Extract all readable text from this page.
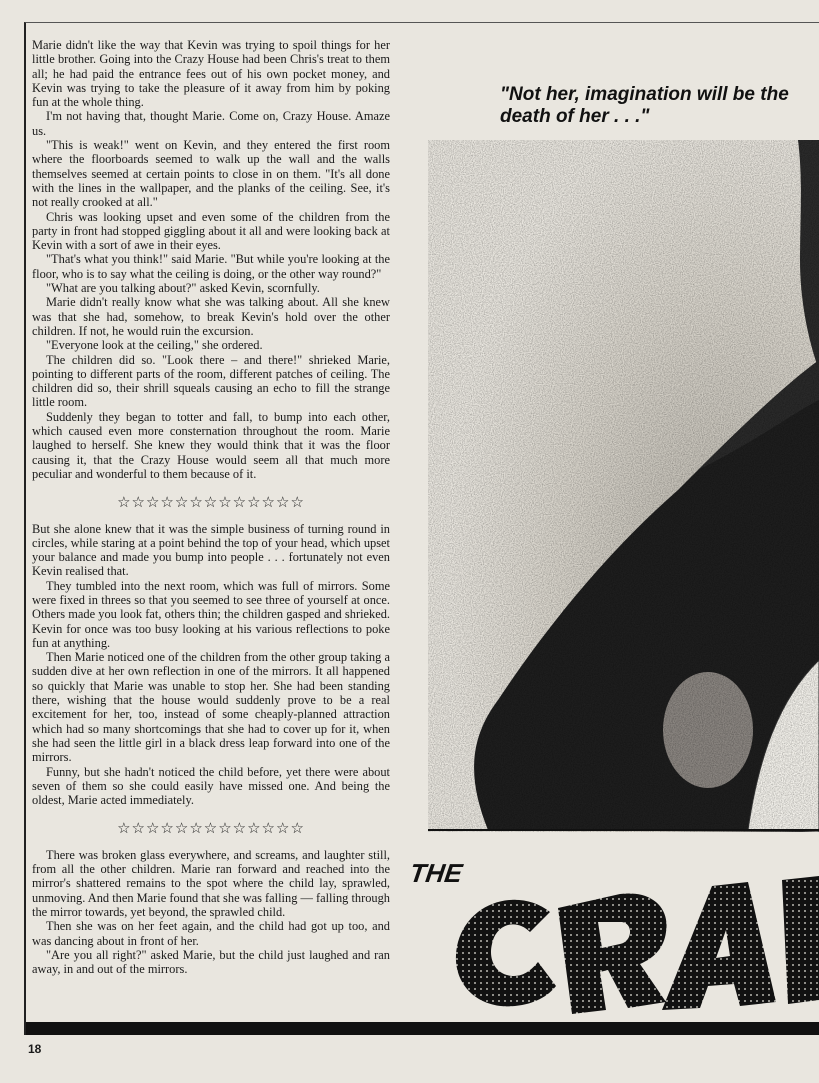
Marie didn't like the way that Kevin was trying to spoil things for her little brother. Going into the Crazy House had been Chris's treat to them all; he had paid the entrance fees out of his own pocket money, and Kevin was trying to take the pleasure of it away from him by poking fun at the whole thing.

I'm not having that, thought Marie. Come on, Crazy House. Amaze us.

"This is weak!" went on Kevin, and they entered the first room where the floorboards seemed to walk up the wall and the walls themselves seemed at certain points to close in on them. "It's all done with the lines in the wallpaper, and the planks of the ceiling. See, it's not really crooked at all."

Chris was looking upset and even some of the children from the party in front had stopped giggling about it all and were looking back at Kevin with a sort of awe in their eyes.

"That's what you think!" said Marie. "But while you're looking at the floor, who is to say what the ceiling is doing, or the other way round?"

"What are you talking about?" asked Kevin, scornfully.

Marie didn't really know what she was talking about. All she knew was that she had, somehow, to break Kevin's hold over the other children. If not, he would ruin the excursion.

"Everyone look at the ceiling," she ordered.

The children did so. "Look there – and there!" shrieked Marie, pointing to different parts of the room, different patches of ceiling. The children did so, their shrill squeals causing an echo to fill the strange little room.

Suddenly they began to totter and fall, to bump into each other, which caused even more consternation throughout the room. Marie laughed to herself. She knew they would think that it was the floor causing it, that the Crazy House would seem all that much more peculiar and wonderful to them because of it.

☆☆☆☆☆☆☆☆☆☆☆☆☆

But she alone knew that it was the simple business of turning round in circles, while staring at a point behind the top of your head, which upset your balance and made you bump into people . . . fortunately not even Kevin realised that.

They tumbled into the next room, which was full of mirrors. Some were fixed in threes so that you seemed to see three of yourself at once. Others made you look fat, others thin; the children gasped and shrieked. Kevin for once was too busy looking at his various reflections to poke fun at anything.

Then Marie noticed one of the children from the other group taking a sudden dive at her own reflection in one of the mirrors. It all happened so quickly that Marie was unable to stop her. She had been standing there, wishing that the house would suddenly prove to be a real excitement for her, too, instead of some cheaply-planned attraction which had so many shortcomings that she had to cover up for it, when she had seen the little girl in a black dress leap forward into one of the mirrors.

Funny, but she hadn't noticed the child before, yet there were about seven of them so she could easily have missed one. And being the oldest, Marie acted immediately.

☆☆☆☆☆☆☆☆☆☆☆☆☆

There was broken glass everywhere, and screams, and laughter still, from all the other children. Marie ran forward and reached into the mirror's shattered remains to the spot where the child lay, sprawled, unmoving. And then Marie found that she was falling — falling through the mirror towards, yet beyond, the sprawled child.

Then she was on her feet again, and the child had got up too, and was dancing about in front of her.

"Are you all right?" asked Marie, but the child just laughed and ran away, in and out of the mirrors.

"Not her, imagination will be the death of her . . ."
THE
18
